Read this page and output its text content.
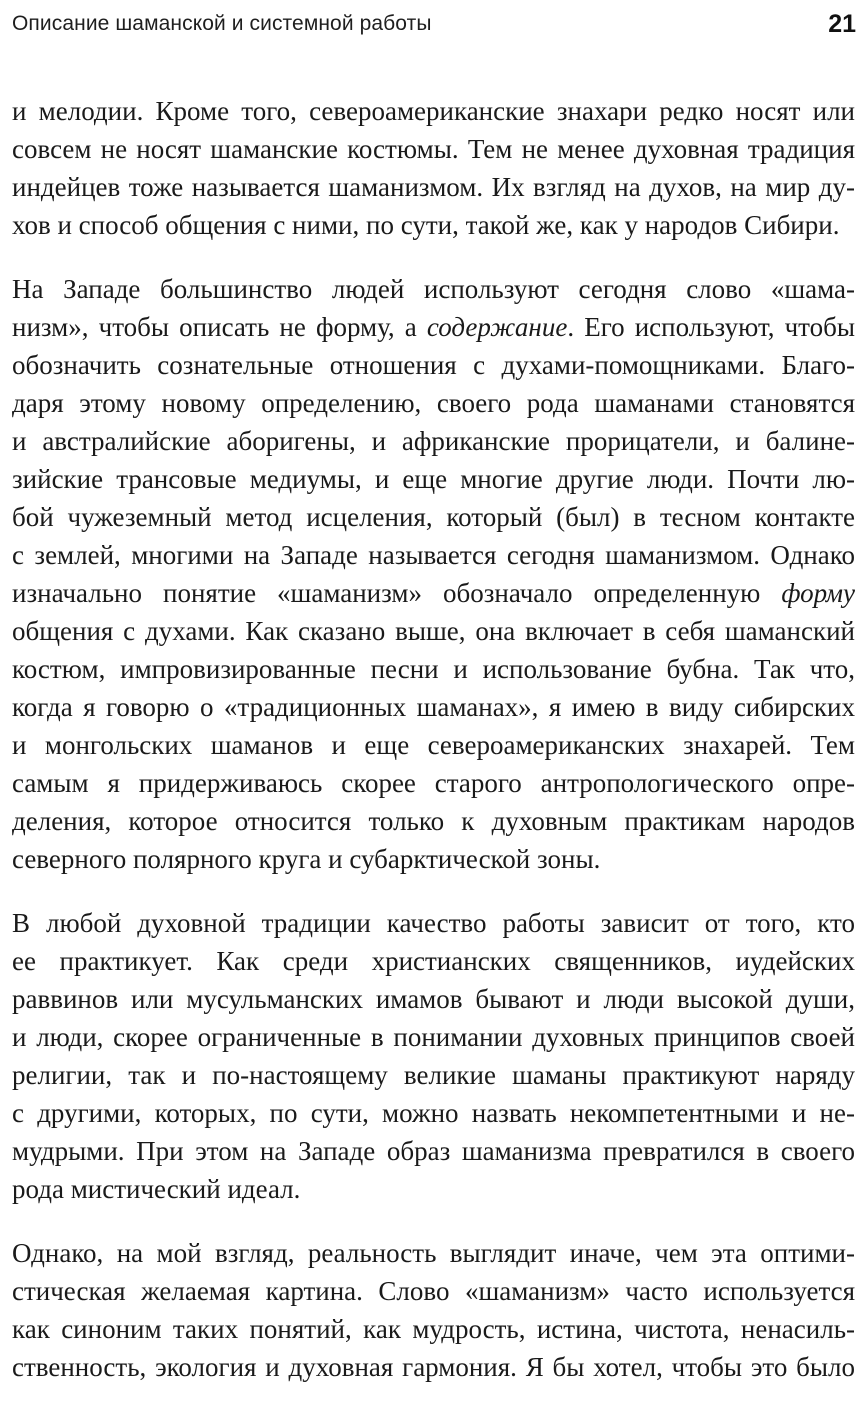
Описание шаманской и системной работы	21
и мелодии. Кроме того, североамериканские знахари редко носят или
совсем не носят шаманские костюмы. Тем не менее духовная традиция
индейцев тоже называется шаманизмом. Их взгляд на духов, на мир ду-
хов и способ общения с ними, по сути, такой же, как у народов Сибири.
На Западе большинство людей используют сегодня слово «шама-
низм», чтобы описать не форму, а содержание. Его используют, чтобы
обозначить сознательные отношения с духами-помощниками. Благо-
даря этому новому определению, своего рода шаманами становятся
и австралийские аборигены, и африканские прорицатели, и балине-
зийские трансовые медиумы, и еще многие другие люди. Почти лю-
бой чужеземный метод исцеления, который (был) в тесном контакте
с землей, многими на Западе называется сегодня шаманизмом. Однако
изначально понятие «шаманизм» обозначало определенную форму
общения с духами. Как сказано выше, она включает в себя шаманский
костюм, импровизированные песни и использование бубна. Так что,
когда я говорю о «традиционных шаманах», я имею в виду сибирских
и монгольских шаманов и еще североамериканских знахарей. Тем
самым я придерживаюсь скорее старого антропологического опре-
деления, которое относится только к духовным практикам народов
северного полярного круга и субарктической зоны.
В любой духовной традиции качество работы зависит от того, кто
ее практикует. Как среди христианских священников, иудейских
раввинов или мусульманских имамов бывают и люди высокой души,
и люди, скорее ограниченные в понимании духовных принципов своей
религии, так и по-настоящему великие шаманы практикуют наряду
с другими, которых, по сути, можно назвать некомпетентными и не-
мудрыми. При этом на Западе образ шаманизма превратился в своего
рода мистический идеал.
Однако, на мой взгляд, реальность выглядит иначе, чем эта оптими-
стическая желаемая картина. Слово «шаманизм» часто используется
как синоним таких понятий, как мудрость, истина, чистота, ненасиль-
ственность, экология и духовная гармония. Я бы хотел, чтобы это было
